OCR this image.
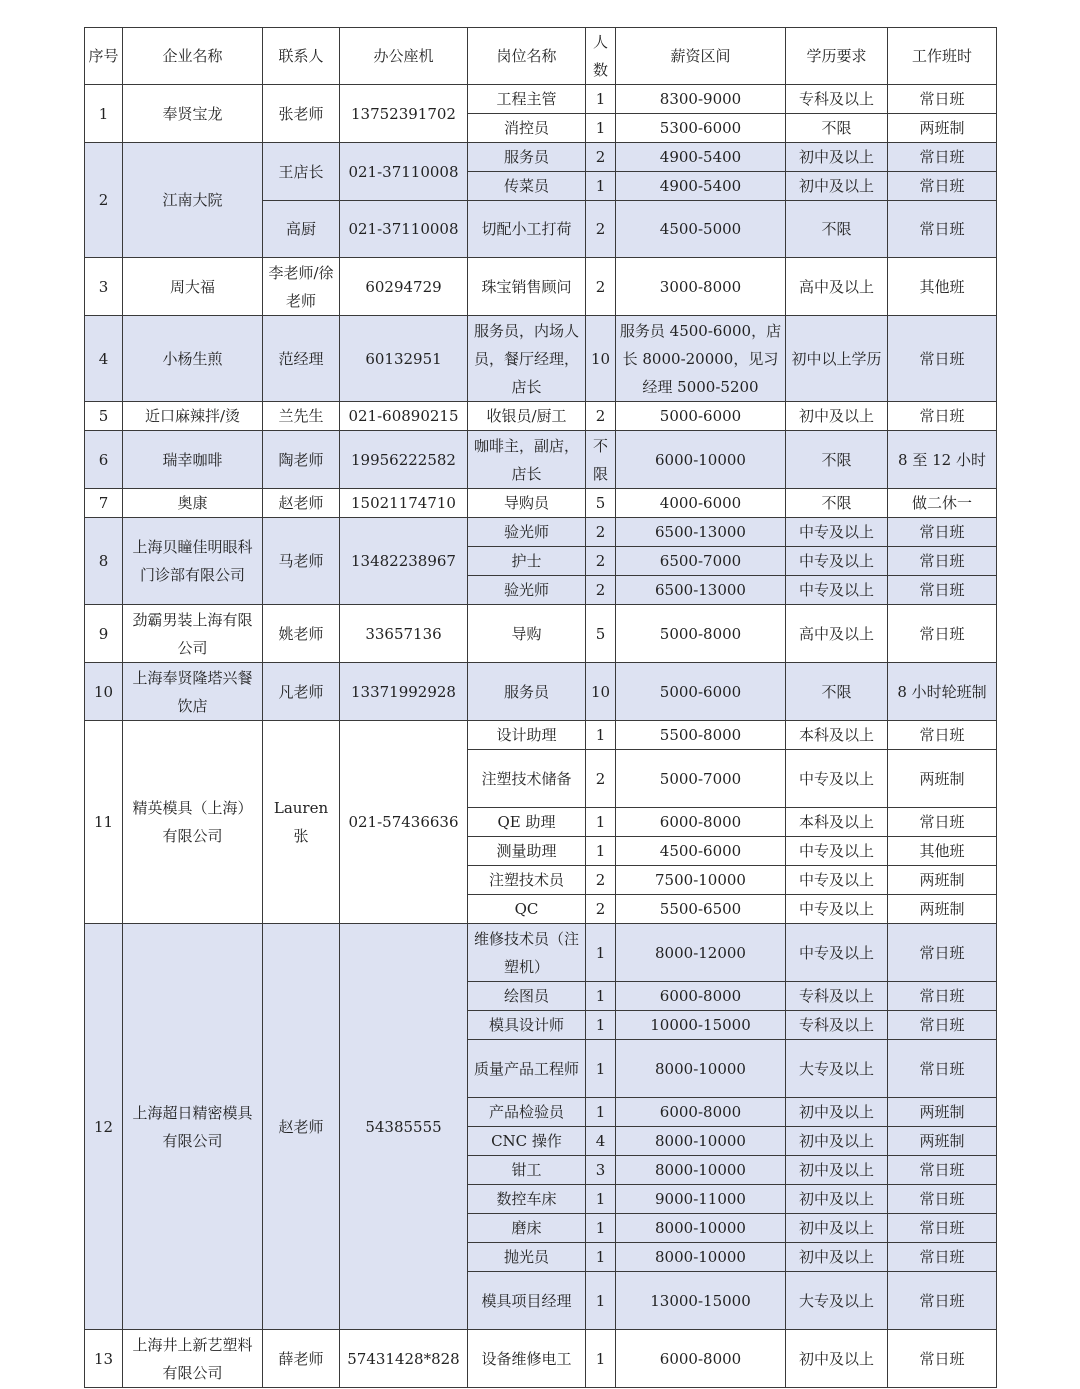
序号	企业名称	联系人	办公座机	岗位名称	人数	薪资区间	学历要求	工作班时
1	奉贤宝龙	张老师	13752391702	工程主管	1	8300-9000	专科及以上	常日班
				消控员	1	5300-6000	不限	两班制
2	江南大院	王店长	021-37110008	服务员	2	4900-5400	初中及以上	常日班
				传菜员	1	4900-5400	初中及以上	常日班
		高厨	021-37110008	切配小工打荷	2	4500-5000	不限	常日班
3	周大福	李老师/徐老师	60294729	珠宝销售顾问	2	3000-8000	高中及以上	其他班
4	小杨生煎	范经理	60132951	服务员，内场人员，餐厅经理，店长	10	服务员 4500-6000，店长 8000-20000，见习经理 5000-5200	初中以上学历	常日班
5	近口麻辣拌/烫	兰先生	021-60890215	收银员/厨工	2	5000-6000	初中及以上	常日班
6	瑞幸咖啡	陶老师	19956222582	咖啡主，副店，店长	不限	6000-10000	不限	8 至 12 小时
7	奥康	赵老师	15021174710	导购员	5	4000-6000	不限	做二休一
8	上海贝瞳佳明眼科门诊部有限公司	马老师	13482238967	验光师	2	6500-13000	中专及以上	常日班
				护士	2	6500-7000	中专及以上	常日班
				验光师	2	6500-13000	中专及以上	常日班
9	劲霸男装上海有限公司	姚老师	33657136	导购	5	5000-8000	高中及以上	常日班
10	上海奉贤隆塔兴餐饮店	凡老师	13371992928	服务员	10	5000-6000	不限	8 小时轮班制
11	精英模具（上海）有限公司	Lauren 张	021-57436636	设计助理	1	5500-8000	本科及以上	常日班
				注塑技术储备	2	5000-7000	中专及以上	两班制
				QE 助理	1	6000-8000	本科及以上	常日班
				测量助理	1	4500-6000	中专及以上	其他班
				注塑技术员	2	7500-10000	中专及以上	两班制
				QC	2	5500-6500	中专及以上	两班制
12	上海超日精密模具有限公司	赵老师	54385555	维修技术员（注塑机）	1	8000-12000	中专及以上	常日班
				绘图员	1	6000-8000	专科及以上	常日班
				模具设计师	1	10000-15000	专科及以上	常日班
				质量产品工程师	1	8000-10000	大专及以上	常日班
				产品检验员	1	6000-8000	初中及以上	两班制
				CNC 操作	4	8000-10000	初中及以上	两班制
				钳工	3	8000-10000	初中及以上	常日班
				数控车床	1	9000-11000	初中及以上	常日班
				磨床	1	8000-10000	初中及以上	常日班
				抛光员	1	8000-10000	初中及以上	常日班
				模具项目经理	1	13000-15000	大专及以上	常日班
13	上海井上新艺塑料有限公司	薛老师	57431428*828	设备维修电工	1	6000-8000	初中及以上	常日班
